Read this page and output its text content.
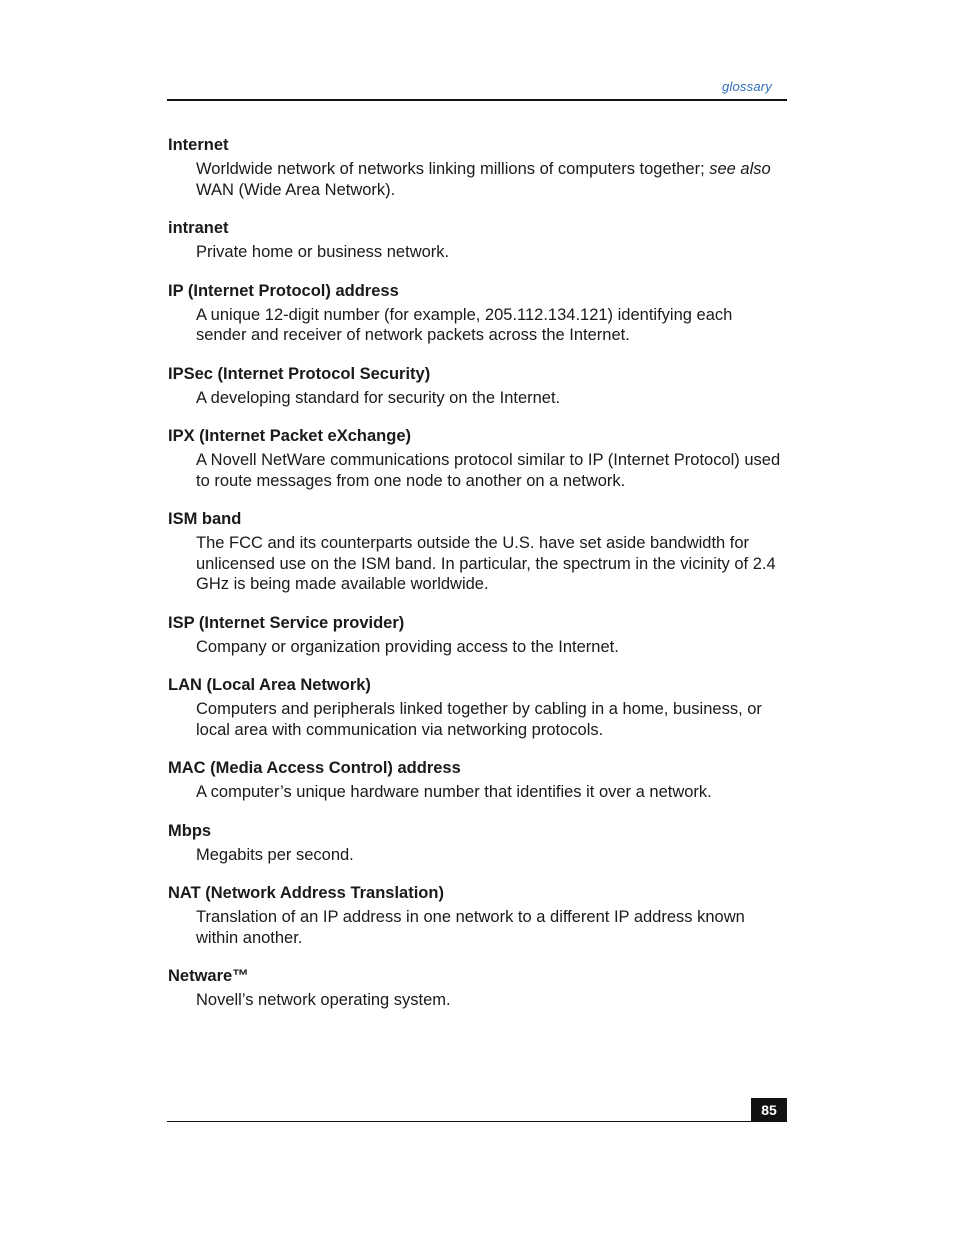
glossary
Internet
Worldwide network of networks linking millions of computers together; see also WAN (Wide Area Network).
intranet
Private home or business network.
IP (Internet Protocol) address
A unique 12-digit number (for example, 205.112.134.121) identifying each sender and receiver of network packets across the Internet.
IPSec (Internet Protocol Security)
A developing standard for security on the Internet.
IPX (Internet Packet eXchange)
A Novell NetWare communications protocol similar to IP (Internet Protocol) used to route messages from one node to another on a network.
ISM band
The FCC and its counterparts outside the U.S. have set aside bandwidth for unlicensed use on the ISM band. In particular, the spectrum in the vicinity of 2.4 GHz is being made available worldwide.
ISP (Internet Service provider)
Company or organization providing access to the Internet.
LAN (Local Area Network)
Computers and peripherals linked together by cabling in a home, business, or local area with communication via networking protocols.
MAC (Media Access Control) address
A computer’s unique hardware number that identifies it over a network.
Mbps
Megabits per second.
NAT (Network Address Translation)
Translation of an IP address in one network to a different IP address known within another.
Netware™
Novell’s network operating system.
85
